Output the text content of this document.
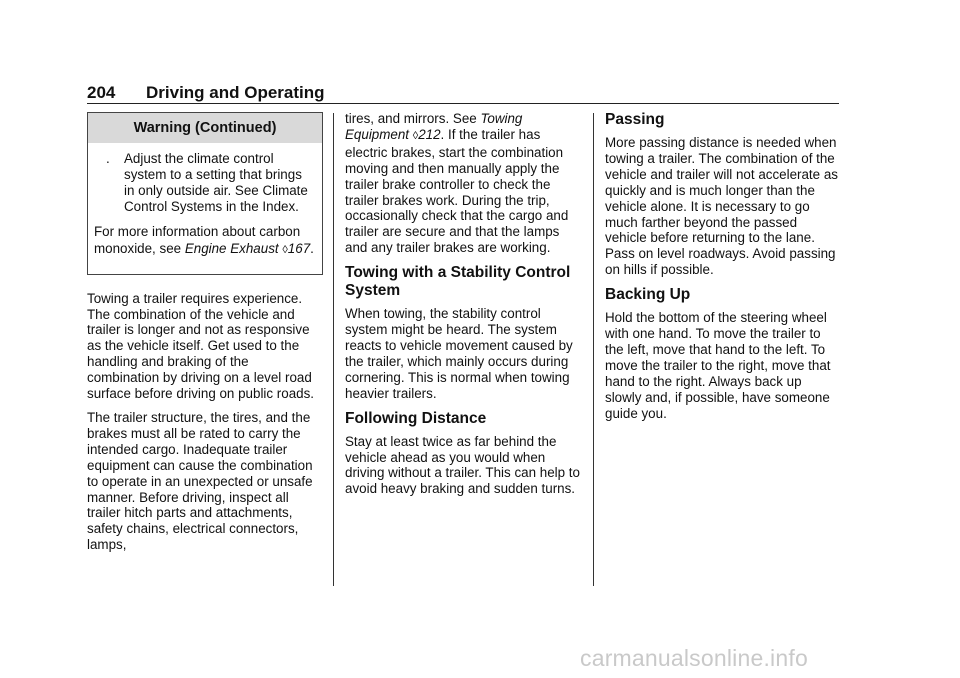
204 Driving and Operating
Warning (Continued)
. Adjust the climate control system to a setting that brings in only outside air. See Climate Control Systems in the Index.

For more information about carbon monoxide, see Engine Exhaust ◊167.

Towing a trailer requires experience. The combination of the vehicle and trailer is longer and not as responsive as the vehicle itself. Get used to the handling and braking of the combination by driving on a level road surface before driving on public roads.

The trailer structure, the tires, and the brakes must all be rated to carry the intended cargo. Inadequate trailer equipment can cause the combination to operate in an unexpected or unsafe manner. Before driving, inspect all trailer hitch parts and attachments, safety chains, electrical connectors, lamps,

tires, and mirrors. See Towing Equipment ◊212. If the trailer has electric brakes, start the combination moving and then manually apply the trailer brake controller to check the trailer brakes work. During the trip, occasionally check that the cargo and trailer are secure and that the lamps and any trailer brakes are working.

Towing with a Stability Control System

When towing, the stability control system might be heard. The system reacts to vehicle movement caused by the trailer, which mainly occurs during cornering. This is normal when towing heavier trailers.

Following Distance

Stay at least twice as far behind the vehicle ahead as you would when driving without a trailer. This can help to avoid heavy braking and sudden turns.

Passing

More passing distance is needed when towing a trailer. The combination of the vehicle and trailer will not accelerate as quickly and is much longer than the vehicle alone. It is necessary to go much farther beyond the passed vehicle before returning to the lane. Pass on level roadways. Avoid passing on hills if possible.

Backing Up

Hold the bottom of the steering wheel with one hand. To move the trailer to the left, move that hand to the left. To move the trailer to the right, move that hand to the right. Always back up slowly and, if possible, have someone guide you.

carmanualsonline.info
